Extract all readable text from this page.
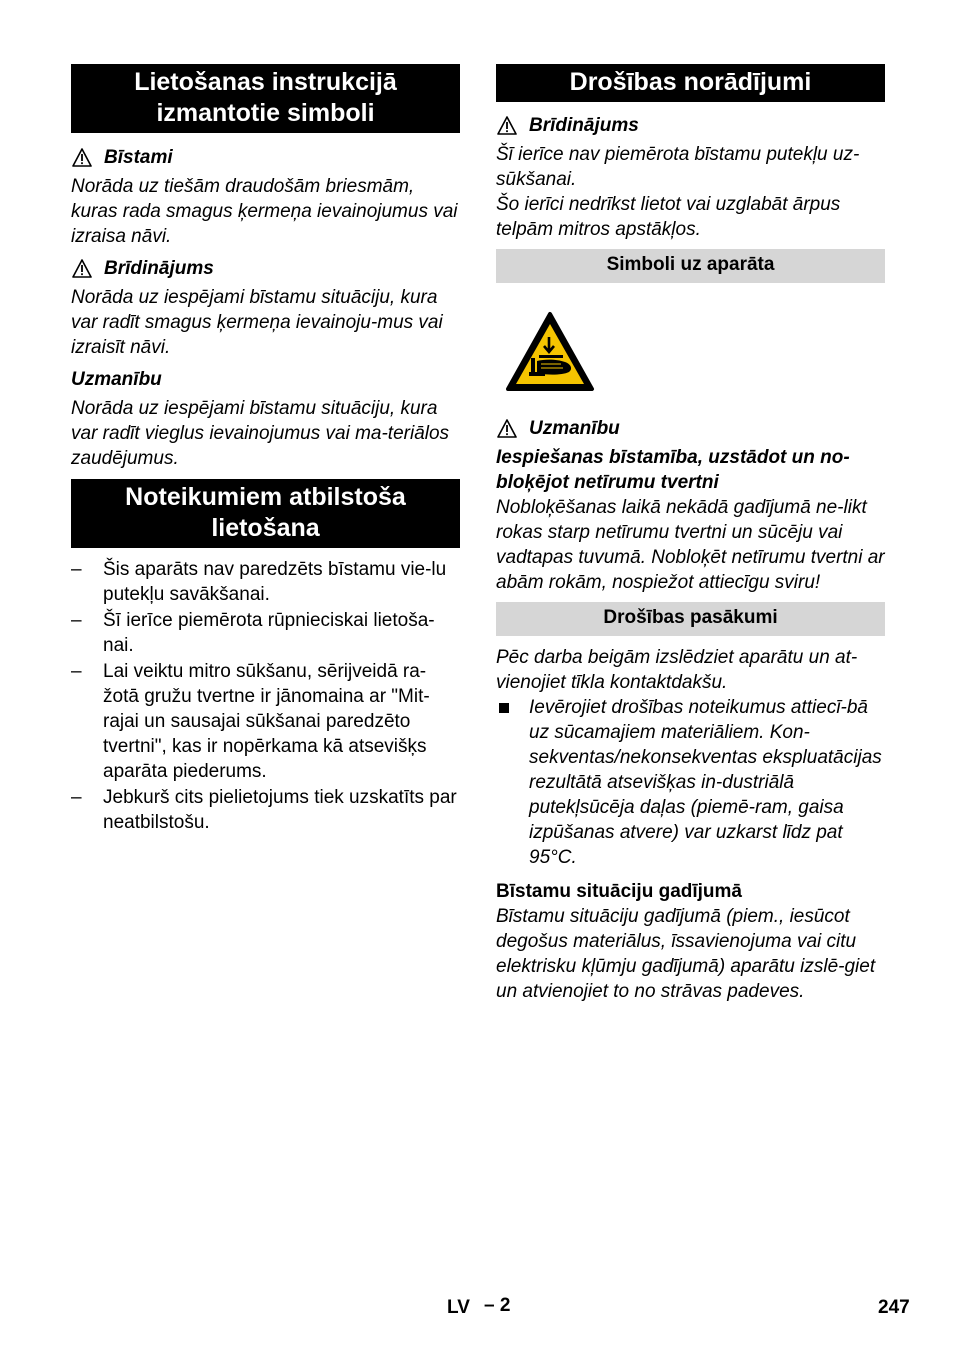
Lietošanas instrukcijā izmantotie simboli
Bīstami

Norāda uz tiešām draudošām briesmām, kuras rada smagus ķermeņa ievainojumus vai izraisa nāvi.

Brīdinājums

Norāda uz iespējami bīstamu situāciju, kura var radīt smagus ķermeņa ievainoju-mus vai izraisīt nāvi.

Uzmanību

Norāda uz iespējami bīstamu situāciju, kura var radīt vieglus ievainojumus vai ma-teriālos zaudējumus.

Noteikumiem atbilstoša lietošana
– Šis aparāts nav paredzēts bīstamu vie-lu putekļu savākšanai.
– Šī ierīce piemērota rūpnieciskai lietoša-nai.
– Lai veiktu mitro sūkšanu, sērijveidā ra-žotā gružu tvertne ir jānomaina ar "Mit-rajai un sausajai sūkšanai paredzēto tvertni", kas ir nopērkama kā atsevišķs aparāta piederums.
– Jebkurš cits pielietojums tiek uzskatīts par neatbilstošu.
Drošības norādījumi
Brīdinājums

Šī ierīce nav piemērota bīstamu putekļu uz-sūkšanai.

Šo ierīci nedrīkst lietot vai uzglabāt ārpus telpām mitros apstākļos.

Simboli uz aparāta
Uzmanību

Iespiešanas bīstamība, uzstādot un no-bloķējot netīrumu tvertni

Nobloķēšanas laikā nekādā gadījumā ne-likt rokas starp netīrumu tvertni un sūcēju vai vadtapas tuvumā. Nobloķēt netīrumu tvertni ar abām rokām, nospiežot attiecīgu sviru!

Drošības pasākumi

Pēc darba beigām izslēdziet aparātu un at-vienojiet tīkla kontaktdakšu.

Ievērojiet drošības noteikumus attiecī-bā uz sūcamajiem materiāliem. Kon-sekventas/nekonsekventas ekspluatācijas rezultātā atsevišķas in-dustriālā putekļsūcēja daļas (piemē-ram, gaisa izpūšanas atvere) var uzkarst līdz pat 95°C.

Bīstamu situāciju gadījumā

Bīstamu situāciju gadījumā (piem., iesūcot degošus materiālus, īssavienojuma vai citu elektrisku kļūmju gadījumā) aparātu izslē-giet un atvienojiet to no strāvas padeves.

LV – 2	247
